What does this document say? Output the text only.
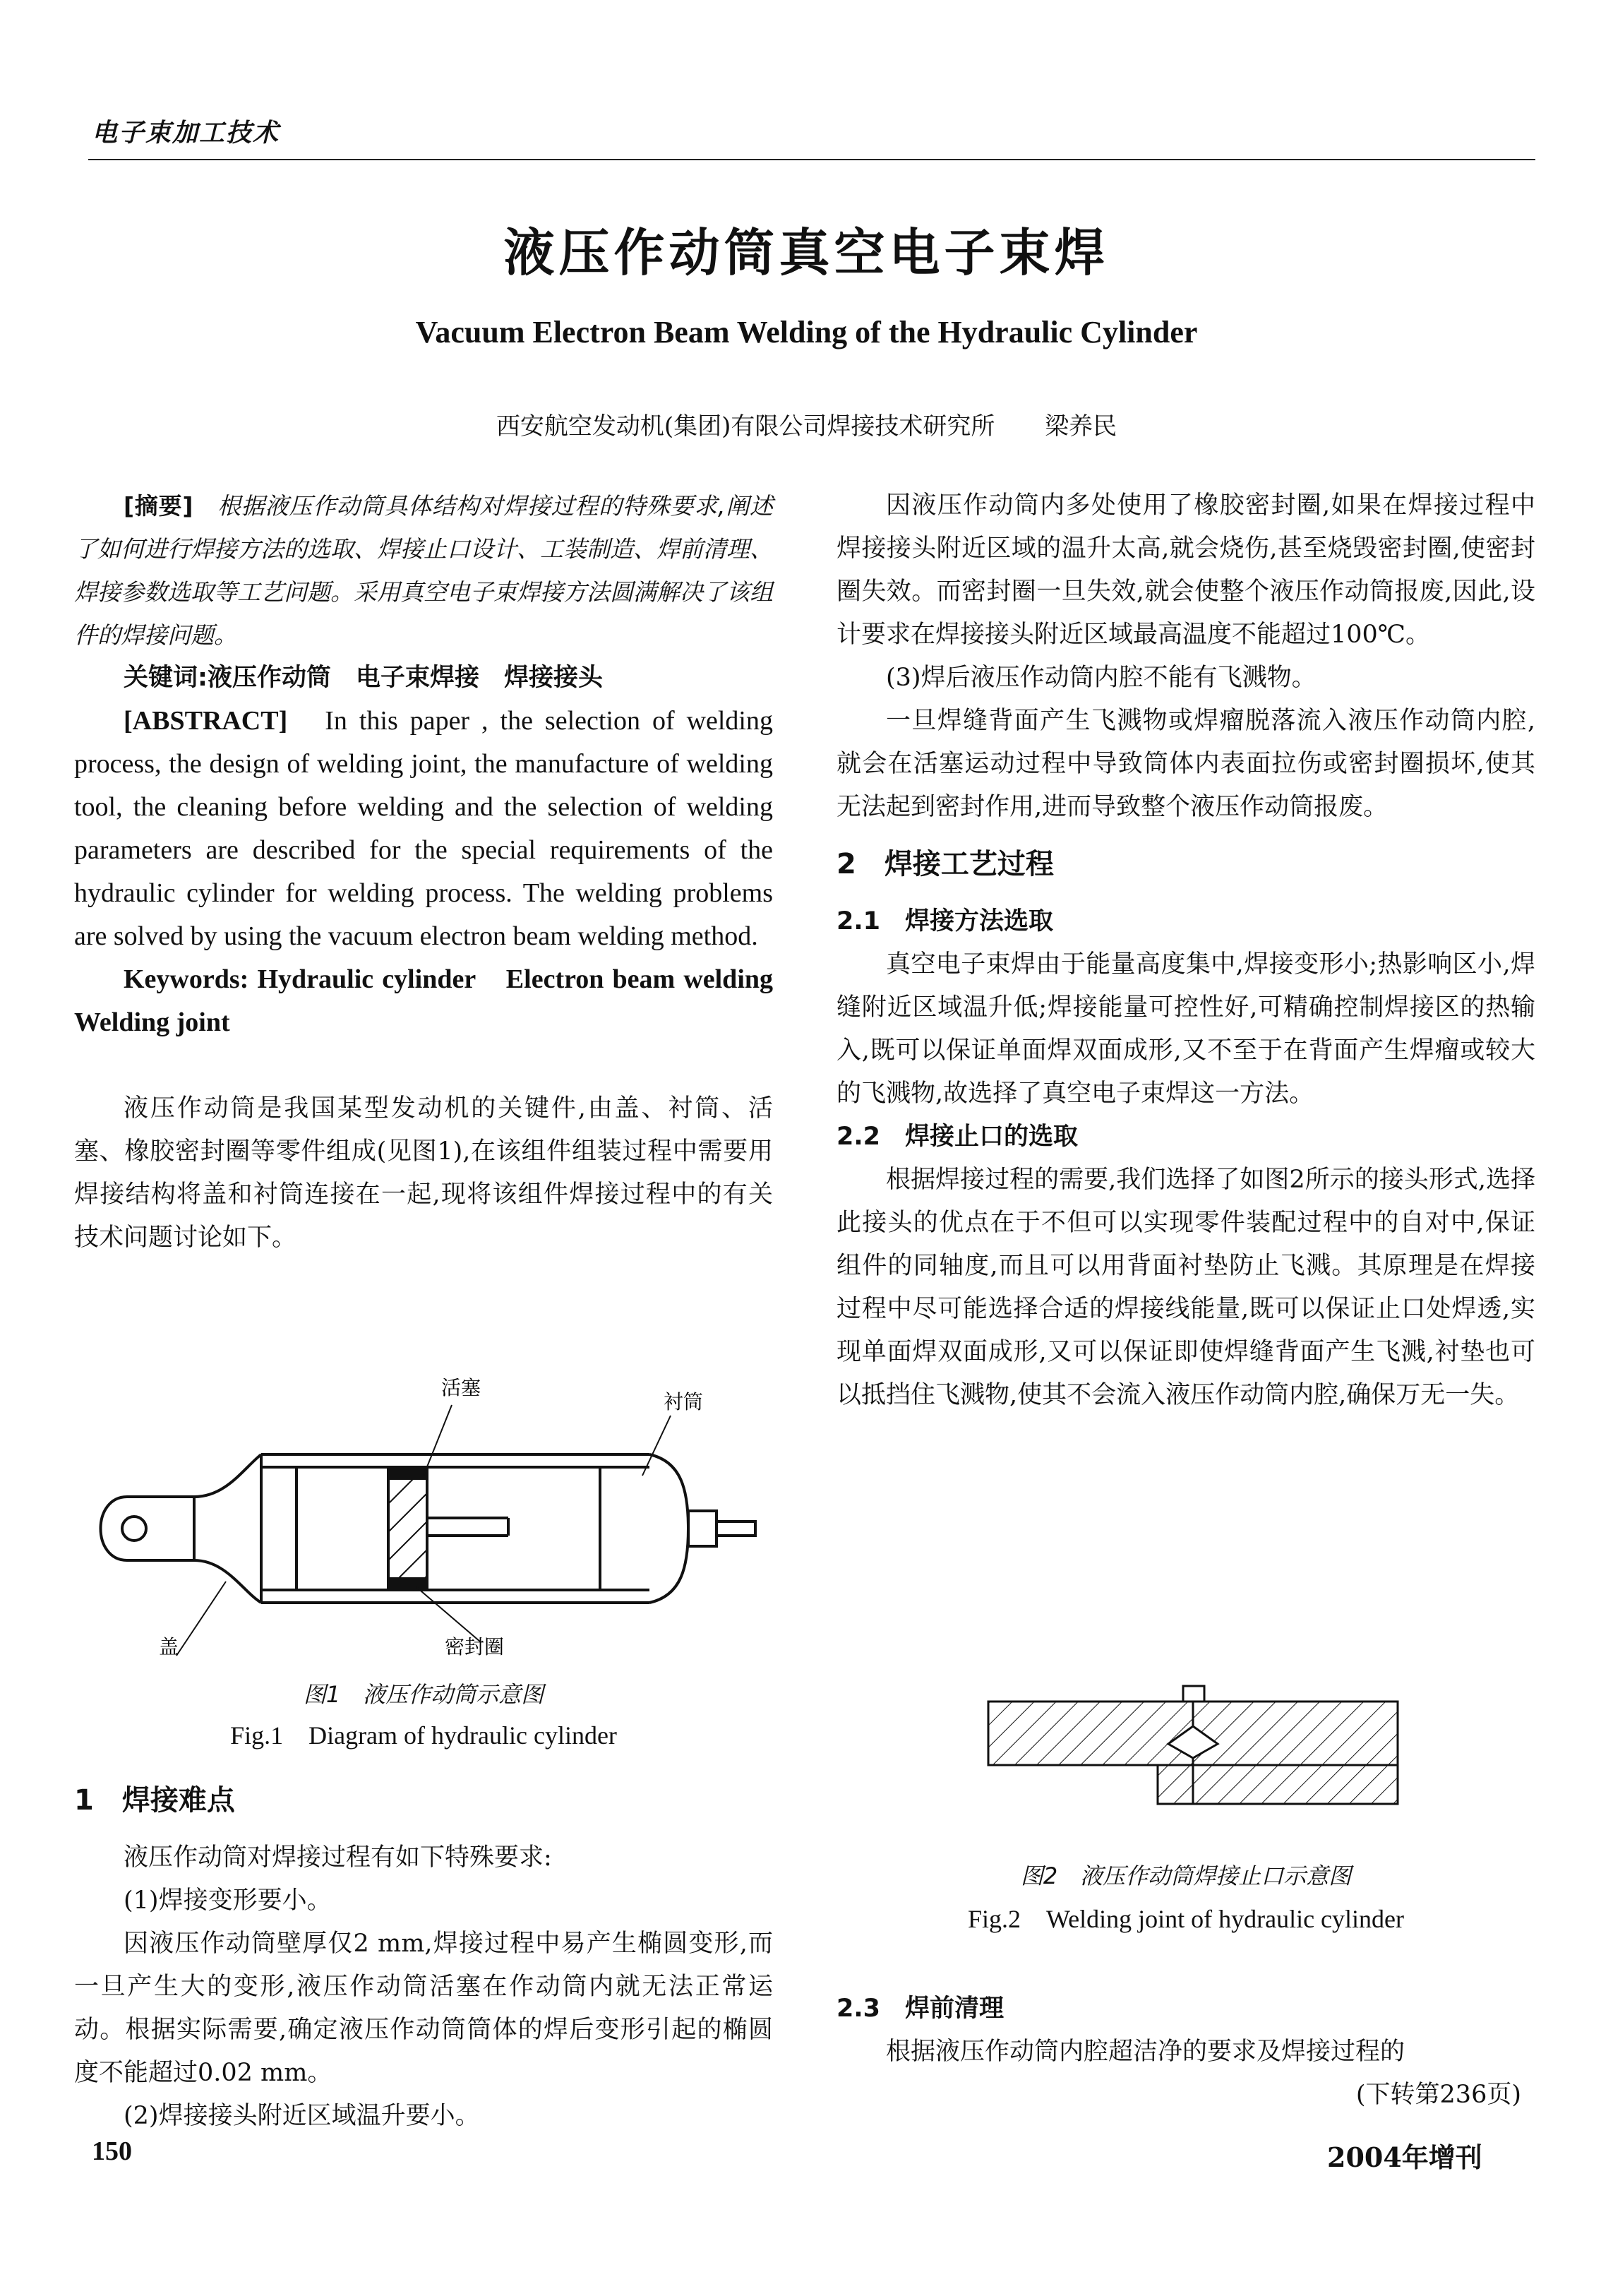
电子束加工技术
液压作动筒真空电子束焊
Vacuum Electron Beam Welding of the Hydraulic Cylinder
西安航空发动机(集团)有限公司焊接技术研究所 梁养民

[摘要]　 根据液压作动筒具体结构对焊接过程的特殊要求,阐述了如何进行焊接方法的选取、焊接止口设计、工装制造、焊前清理、焊接参数选取等工艺问题。采用真空电子束焊接方法圆满解决了该组件的焊接问题。

关键词:液压作动筒　电子束焊接　焊接接头

[ABSTRACT]　 In this paper , the selection of welding process, the design of welding joint, the manufacture of welding tool, the cleaning before welding and the selection of welding parameters are described for the special requirements of the hydraulic cylinder for welding process. The welding problems are solved by using the vacuum electron beam welding method.

Keywords: Hydraulic cylinder　Electron beam welding　Welding joint

液压作动筒是我国某型发动机的关键件,由盖、衬筒、活塞、橡胶密封圈等零件组成(见图1),在该组件组装过程中需要用焊接结构将盖和衬筒连接在一起,现将该组件焊接过程中的有关技术问题讨论如下。

活塞
衬筒
盖	密封圈
图1　液压作动筒示意图
Fig.1　Diagram of hydraulic cylinder

1　焊接难点

液压作动筒对焊接过程有如下特殊要求:

(1)焊接变形要小。

因液压作动筒壁厚仅2 mm,焊接过程中易产生椭圆变形,而一旦产生大的变形,液压作动筒活塞在作动筒内就无法正常运动。根据实际需要,确定液压作动筒筒体的焊后变形引起的椭圆度不能超过0.02 mm。

(2)焊接接头附近区域温升要小。

因液压作动筒内多处使用了橡胶密封圈,如果在焊接过程中焊接接头附近区域的温升太高,就会烧伤,甚至烧毁密封圈,使密封圈失效。而密封圈一旦失效,就会使整个液压作动筒报废,因此,设计要求在焊接接头附近区域最高温度不能超过100℃。

(3)焊后液压作动筒内腔不能有飞溅物。

一旦焊缝背面产生飞溅物或焊瘤脱落流入液压作动筒内腔,就会在活塞运动过程中导致筒体内表面拉伤或密封圈损坏,使其无法起到密封作用,进而导致整个液压作动筒报废。

2　焊接工艺过程

2.1　焊接方法选取

真空电子束焊由于能量高度集中,焊接变形小;热影响区小,焊缝附近区域温升低;焊接能量可控性好,可精确控制焊接区的热输入,既可以保证单面焊双面成形,又不至于在背面产生焊瘤或较大的飞溅物,故选择了真空电子束焊这一方法。

2.2　焊接止口的选取

根据焊接过程的需要,我们选择了如图2所示的接头形式,选择此接头的优点在于不但可以实现零件装配过程中的自对中,保证组件的同轴度,而且可以用背面衬垫防止飞溅。其原理是在焊接过程中尽可能选择合适的焊接线能量,既可以保证止口处焊透,实现单面焊双面成形,又可以保证即使焊缝背面产生飞溅,衬垫也可以抵挡住飞溅物,使其不会流入液压作动筒内腔,确保万无一失。

图2　液压作动筒焊接止口示意图
Fig.2　Welding joint of hydraulic cylinder

2.3　焊前清理

根据液压作动筒内腔超洁净的要求及焊接过程的

(下转第236页)

150	2004年增刊
